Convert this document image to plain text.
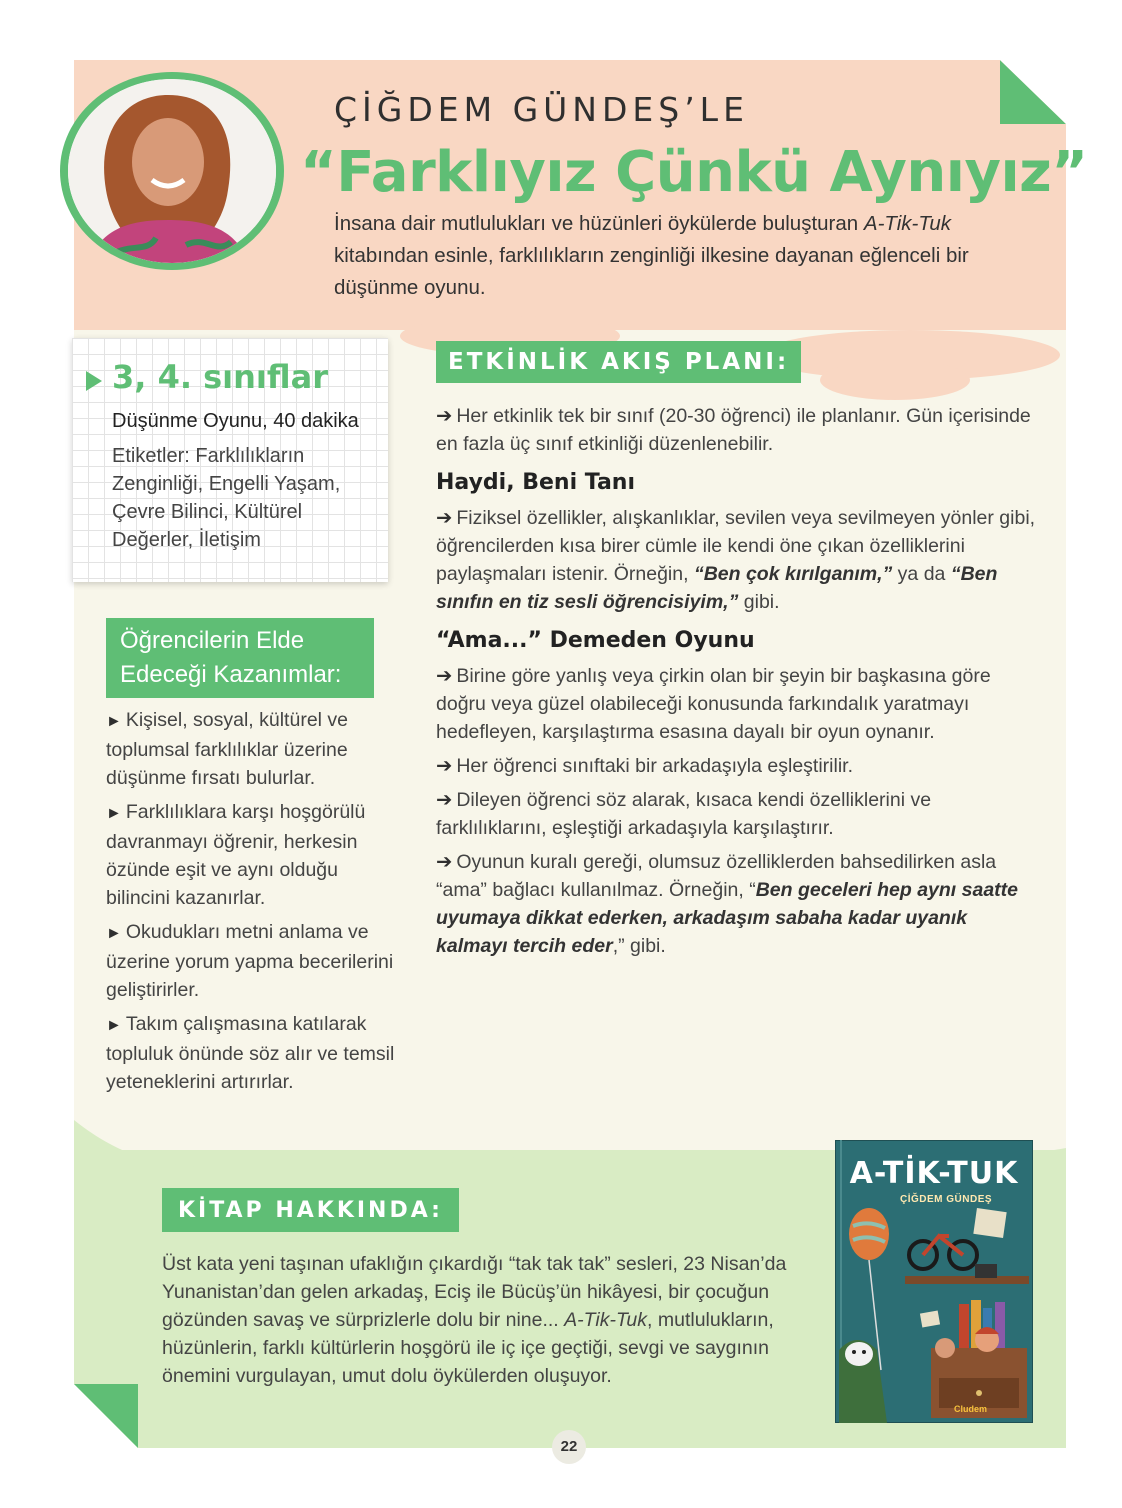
ÇİĞDEM GÜNDEŞ’LE
“Farklıyız Çünkü Aynıyız”
İnsana dair mutlulukları ve hüzünleri öykülerde buluşturan A-Tik-Tuk kitabından esinle, farklılıkların zenginliği ilkesine dayanan eğlenceli bir düşünme oyunu.
3, 4. sınıflar
Düşünme Oyunu, 40 dakika
Etiketler: Farklılıkların Zenginliği, Engelli Yaşam, Çevre Bilinci, Kültürel Değerler, İletişim
ETKİNLİK AKIŞ PLANI:
Öğrencilerin Elde Edeceği Kazanımlar:
► Kişisel, sosyal, kültürel ve toplumsal farklılıklar üzerine düşünme fırsatı bulurlar.
► Farklılıklara karşı hoşgörülü davranmayı öğrenir, herkesin özünde eşit ve aynı olduğu bilincini kazanırlar.
► Okudukları metni anlama ve üzerine yorum yapma becerilerini geliştirirler.
► Takım çalışmasına katılarak topluluk önünde söz alır ve temsil yeteneklerini artırırlar.

➔ Her etkinlik tek bir sınıf (20-30 öğrenci) ile planlanır. Gün içerisinde en fazla üç sınıf etkinliği düzenlenebilir.

Haydi, Beni Tanı

➔ Fiziksel özellikler, alışkanlıklar, sevilen veya sevilmeyen yönler gibi, öğrencilerden kısa birer cümle ile kendi öne çıkan özelliklerini paylaşmaları istenir. Örneğin, “Ben çok kırılganım,” ya da “Ben sınıfın en tiz sesli öğrencisiyim,” gibi.

“Ama...” Demeden Oyunu

➔ Birine göre yanlış veya çirkin olan bir şeyin bir başkasına göre doğru veya güzel olabileceği konusunda farkındalık yaratmayı hedefleyen, karşılaştırma esasına dayalı bir oyun oynanır.

➔ Her öğrenci sınıftaki bir arkadaşıyla eşleştirilir.

➔ Dileyen öğrenci söz alarak, kısaca kendi özelliklerini ve farklılıklarını, eşleştiği arkadaşıyla karşılaştırır.

➔ Oyunun kuralı gereği, olumsuz özelliklerden bahsedilirken asla “ama” bağlacı kullanılmaz. Örneğin, “Ben geceleri hep aynı saatte uyumaya dikkat ederken, arkadaşım sabaha kadar uyanık kalmayı tercih eder,” gibi.

KİTAP HAKKINDA:
Üst kata yeni taşınan ufaklığın çıkardığı “tak tak tak” sesleri, 23 Nisan’da Yunanistan’dan gelen arkadaş, Eciş ile Bücüş’ün hikâyesi, bir çocuğun gözünden savaş ve sürprizlerle dolu bir nine... A-Tik-Tuk, mutlulukların, hüzünlerin, farklı kültürlerin hoşgörü ile iç içe geçtiği, sevgi ve saygının önemini vurgulayan, umut dolu öykülerden oluşuyor.
A-TİK-TUK
ÇİĞDEM GÜNDEŞ
Cludem
22
